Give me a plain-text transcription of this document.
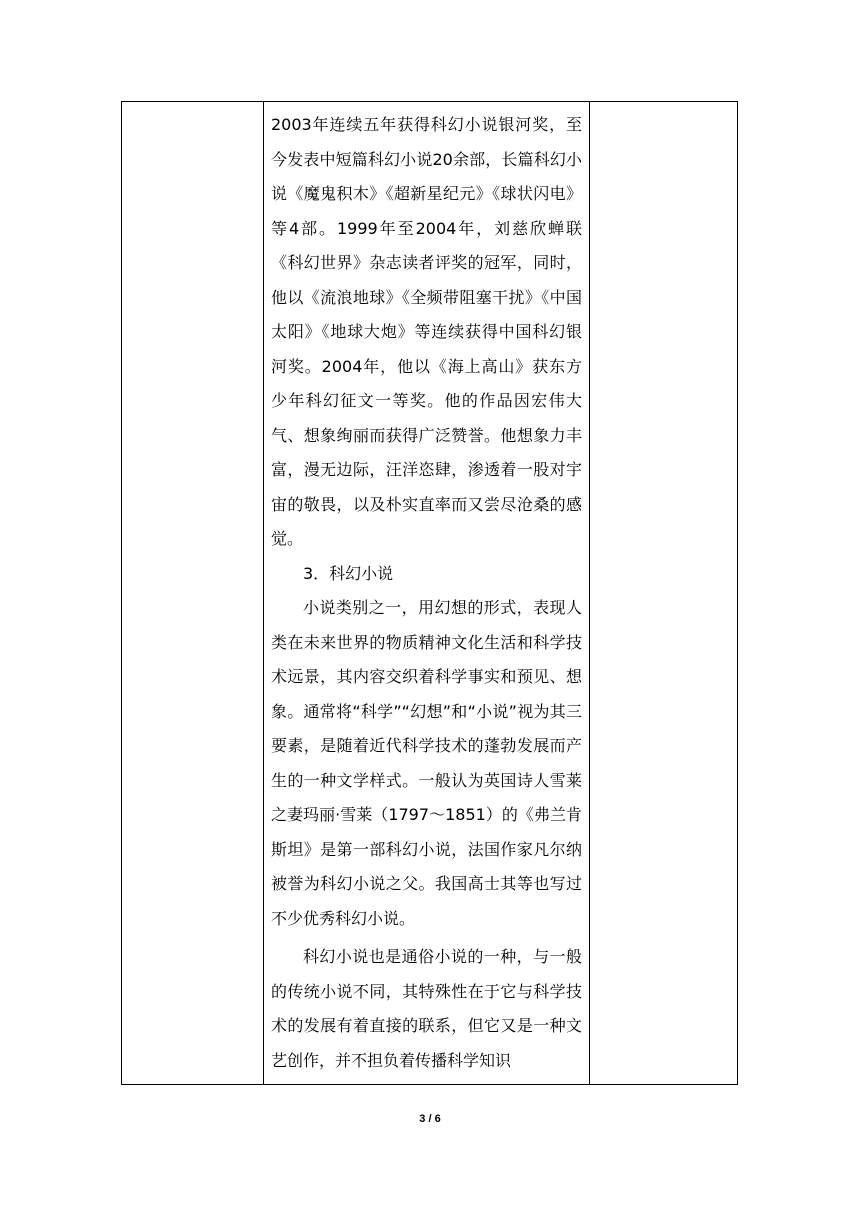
2003年连续五年获得科幻小说银河奖，至今发表中短篇科幻小说20余部，长篇科幻小说《魔鬼积木》《超新星纪元》《球状闪电》等4部。1999年至2004年，刘慈欣蝉联《科幻世界》杂志读者评奖的冠军，同时，他以《流浪地球》《全频带阻塞干扰》《中国太阳》《地球大炮》等连续获得中国科幻银河奖。2004年，他以《海上高山》获东方少年科幻征文一等奖。他的作品因宏伟大气、想象绚丽而获得广泛赞誉。他想象力丰富，漫无边际，汪洋恣肆，渗透着一股对宇宙的敬畏，以及朴实直率而又尝尽沧桑的感觉。

3．科幻小说

小说类别之一，用幻想的形式，表现人类在未来世界的物质精神文化生活和科学技术远景，其内容交织着科学事实和预见、想象。通常将“科学”“幻想”和“小说”视为其三要素，是随着近代科学技术的蓬勃发展而产生的一种文学样式。一般认为英国诗人雪莱之妻玛丽·雪莱（1797～1851）的《弗兰肯斯坦》是第一部科幻小说，法国作家凡尔纳被誉为科幻小说之父。我国高士其等也写过不少优秀科幻小说。

科幻小说也是通俗小说的一种，与一般的传统小说不同，其特殊性在于它与科学技术的发展有着直接的联系，但它又是一种文艺创作，并不担负着传播科学知识

3 / 6
